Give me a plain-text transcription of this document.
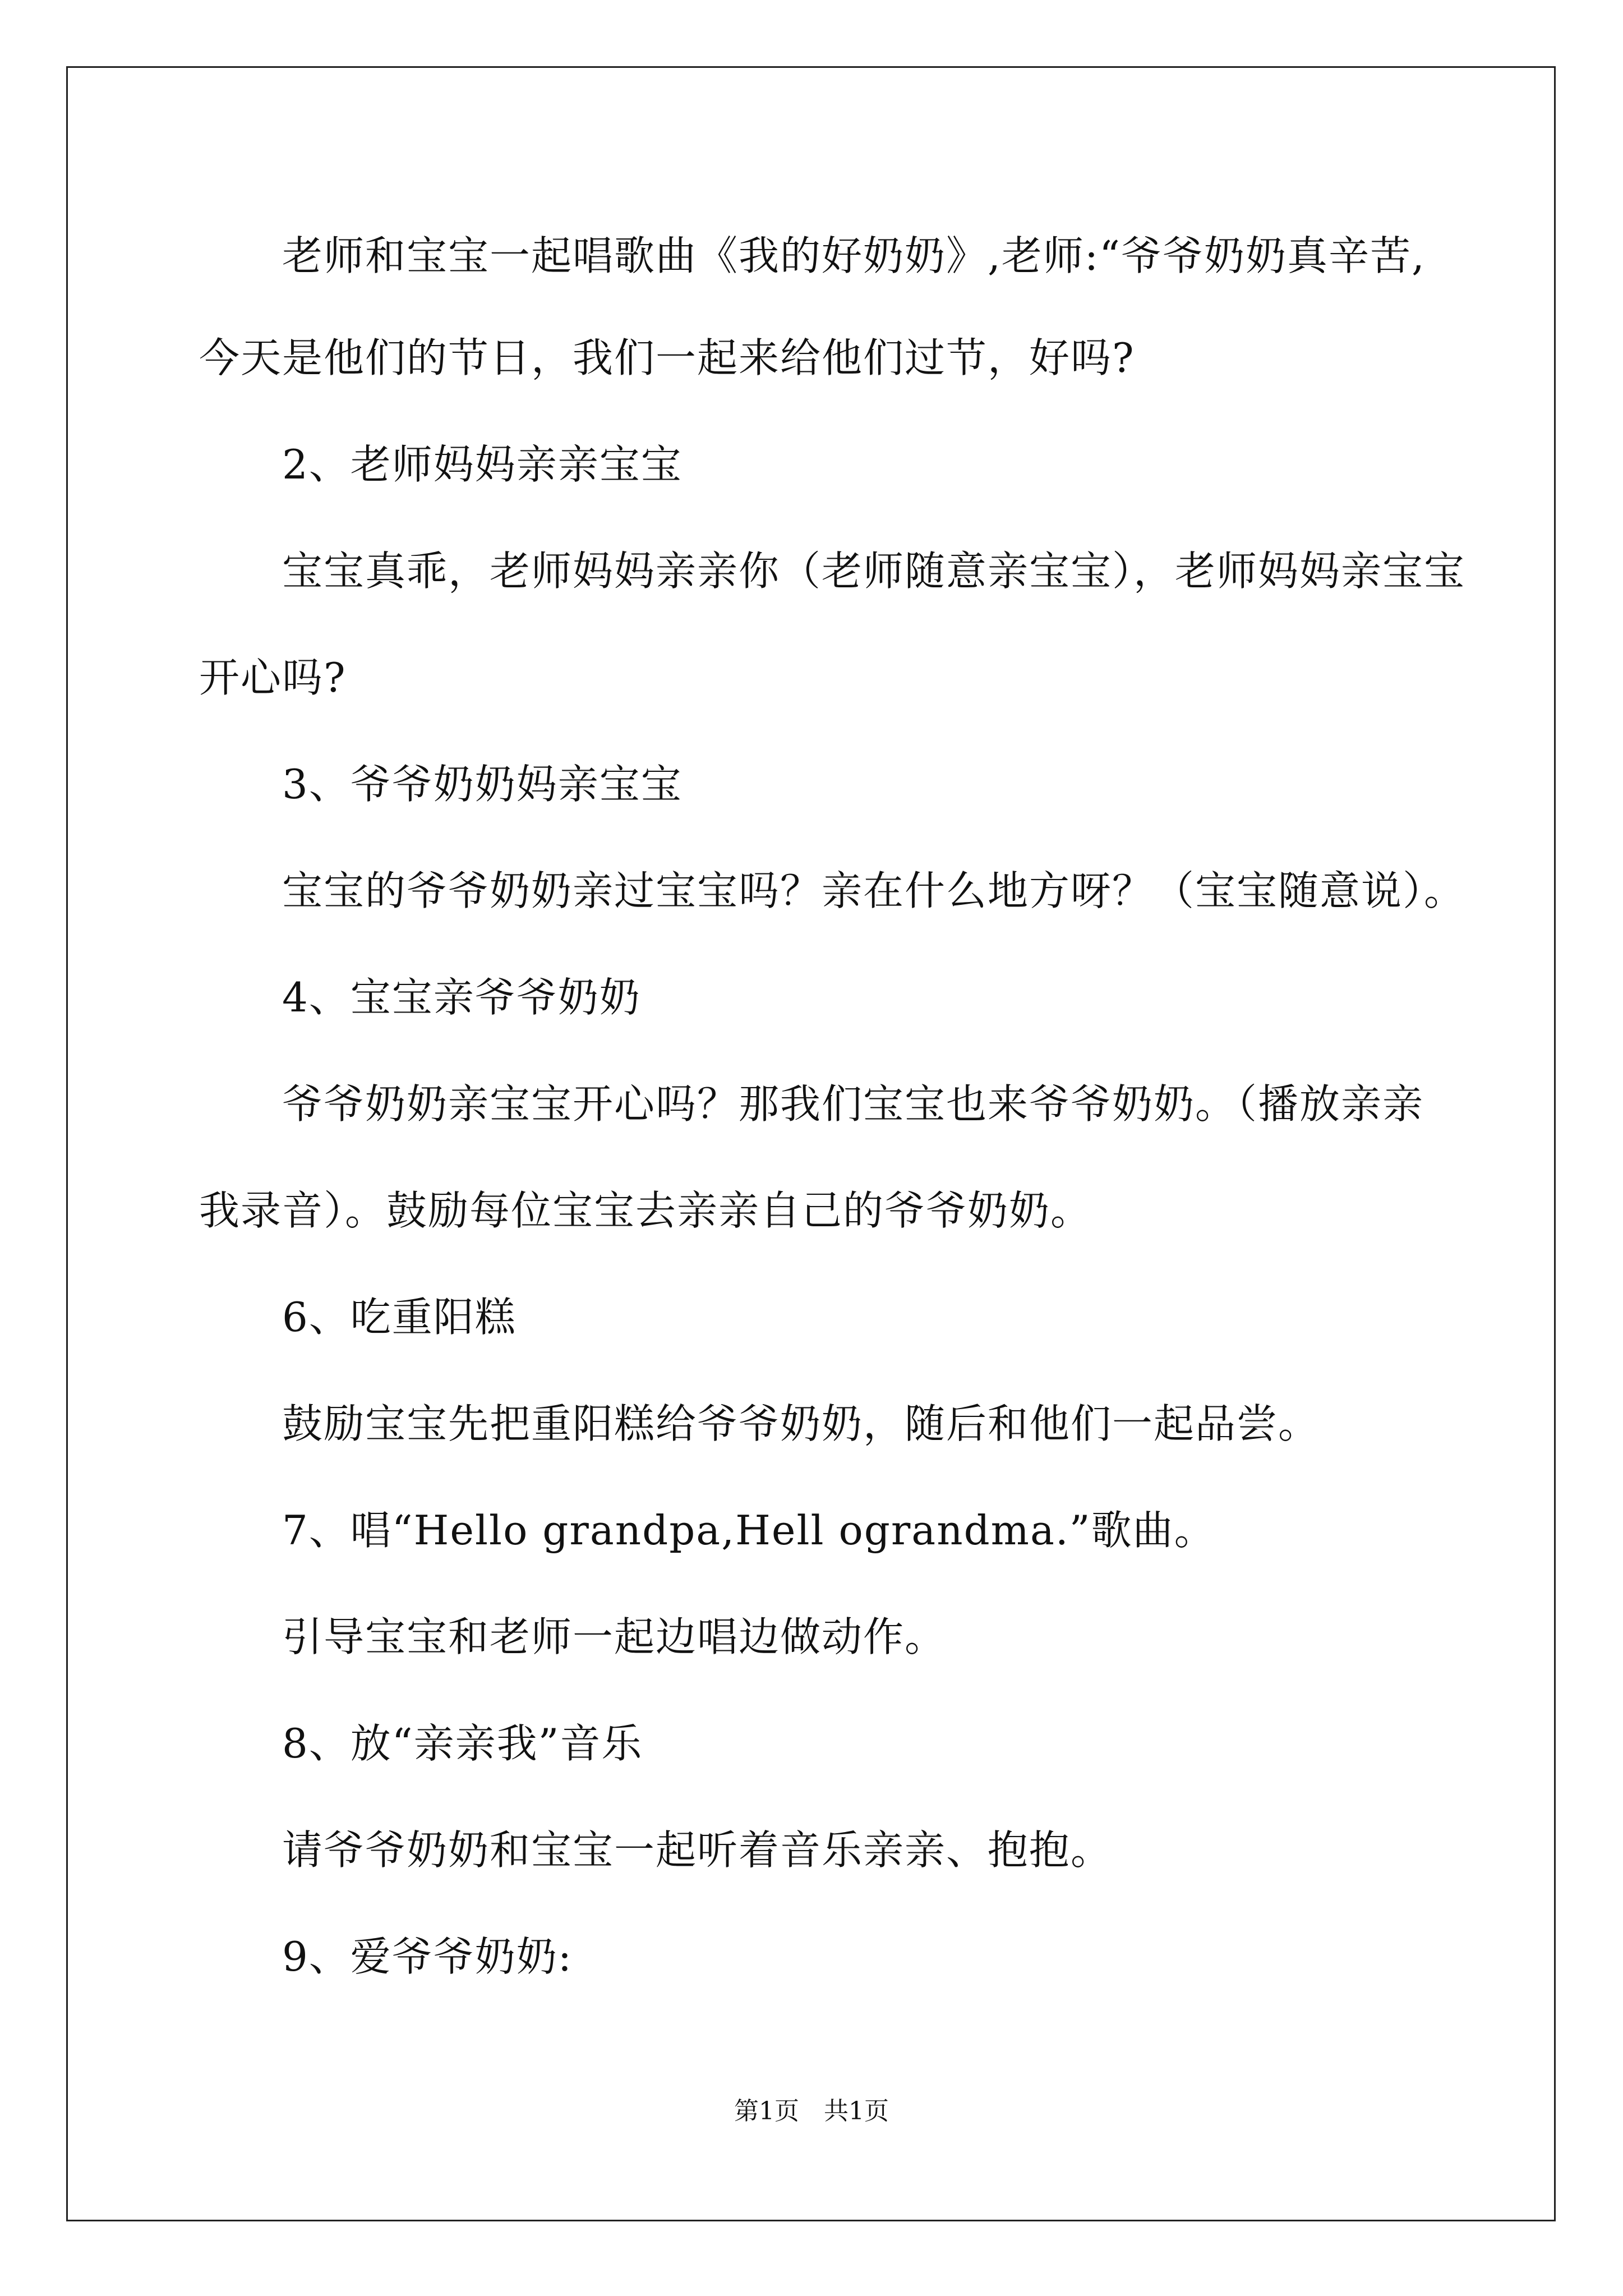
老师和宝宝一起唱歌曲《我的好奶奶》,老师:“爷爷奶奶真辛苦,
今天是他们的节日，我们一起来给他们过节，好吗?
2、老师妈妈亲亲宝宝
宝宝真乖，老师妈妈亲亲你（老师随意亲宝宝），老师妈妈亲宝宝
开心吗?
3、爷爷奶奶妈亲宝宝
宝宝的爷爷奶奶亲过宝宝吗？亲在什么地方呀？（宝宝随意说）。
4、宝宝亲爷爷奶奶
爷爷奶奶亲宝宝开心吗？那我们宝宝也来爷爷奶奶。（播放亲亲
我录音）。鼓励每位宝宝去亲亲自己的爷爷奶奶。
6、吃重阳糕
鼓励宝宝先把重阳糕给爷爷奶奶，随后和他们一起品尝。
7、唱“Hello grandpa,Hell ograndma.”歌曲。
引导宝宝和老师一起边唱边做动作。
8、放“亲亲我”音乐
请爷爷奶奶和宝宝一起听着音乐亲亲、抱抱。
9、爱爷爷奶奶:
第1页　共1页
